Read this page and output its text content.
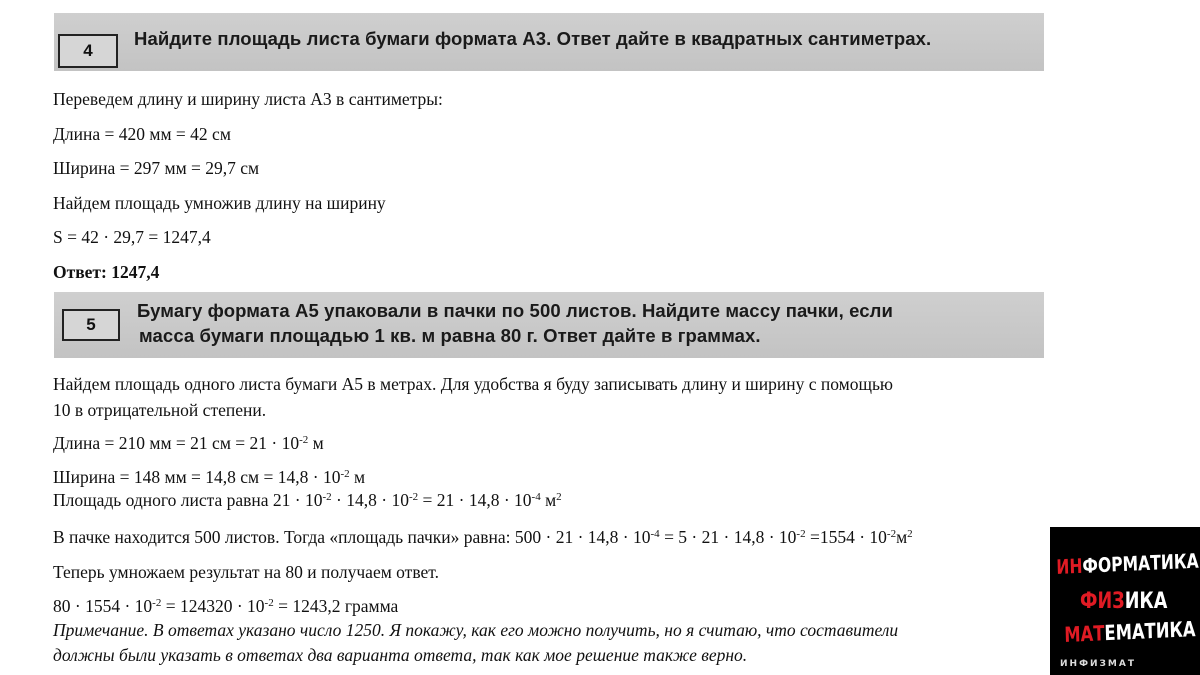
4
Найдите площадь листа бумаги формата А3. Ответ дайте в квадратных сантиметрах.
Переведем длину и ширину листа А3 в сантиметры:
Длина = 420 мм = 42 см
Ширина = 297 мм = 29,7 см
Найдем площадь умножив длину на ширину
S = 42 · 29,7 = 1247,4
Ответ: 1247,4
5
Бумагу формата А5 упаковали в пачки по 500 листов. Найдите массу пачки, если
масса бумаги площадью 1 кв. м равна 80 г. Ответ дайте в граммах.
Найдем площадь одного листа бумаги А5 в метрах. Для удобства я буду записывать длину и ширину с помощью
10 в отрицательной степени.
Длина = 210 мм = 21 см = $21 \cdot 10^{-2}$ м
Ширина = 148 мм = 14,8 см = $14,8 \cdot 10^{-2}$ м
Площадь одного листа равна $21 \cdot 10^{-2} \cdot 14,8 \cdot 10^{-2} = 21 \cdot 14,8 \cdot 10^{-4}$ $м^2$
В пачке находится 500 листов. Тогда «площадь пачки» равна: $500 \cdot 21 \cdot 14,8 \cdot 10^{-4} = 5 \cdot 21 \cdot 14,8 \cdot 10^{-2} =1554 \cdot 10^{-2}м^2$
Теперь умножаем результат на 80 и получаем ответ.
$80 \cdot 1554 \cdot 10^{-2} = 124320 \cdot 10^{-2} = 1243,2$ грамма
Примечание. В ответах указано число 1250. Я покажу, как его можно получить, но я считаю, что составители
должны были указать в ответах два варианта ответа, так как мое решение также верно.
ИНФОРМАТИКА
ФИЗИКА
МАТЕМАТИКА
ИНФИЗМАТ
